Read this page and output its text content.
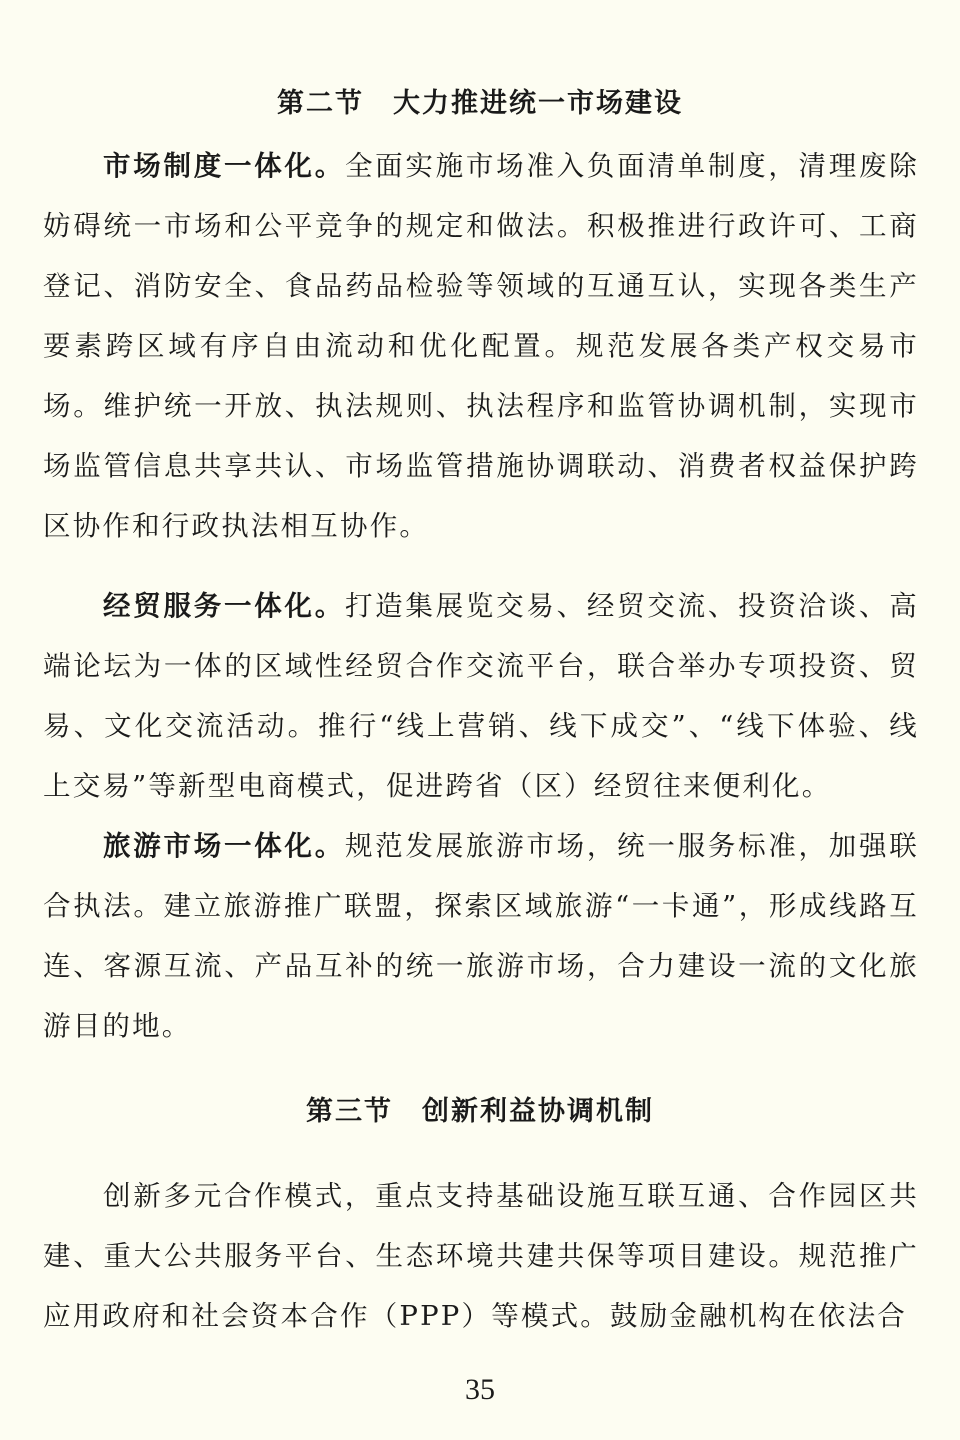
第二节　大力推进统一市场建设

市场制度一体化。全面实施市场准入负面清单制度，清理废除妨碍统一市场和公平竞争的规定和做法。积极推进行政许可、工商登记、消防安全、食品药品检验等领域的互通互认，实现各类生产要素跨区域有序自由流动和优化配置。规范发展各类产权交易市场。维护统一开放、执法规则、执法程序和监管协调机制，实现市场监管信息共享共认、市场监管措施协调联动、消费者权益保护跨区协作和行政执法相互协作。

经贸服务一体化。打造集展览交易、经贸交流、投资洽谈、高端论坛为一体的区域性经贸合作交流平台，联合举办专项投资、贸易、文化交流活动。推行“线上营销、线下成交”、“线下体验、线上交易”等新型电商模式，促进跨省（区）经贸往来便利化。

旅游市场一体化。规范发展旅游市场，统一服务标准，加强联合执法。建立旅游推广联盟，探索区域旅游“一卡通”，形成线路互连、客源互流、产品互补的统一旅游市场，合力建设一流的文化旅游目的地。

第三节　创新利益协调机制

创新多元合作模式，重点支持基础设施互联互通、合作园区共建、重大公共服务平台、生态环境共建共保等项目建设。规范推广应用政府和社会资本合作（PPP）等模式。鼓励金融机构在依法合

35
